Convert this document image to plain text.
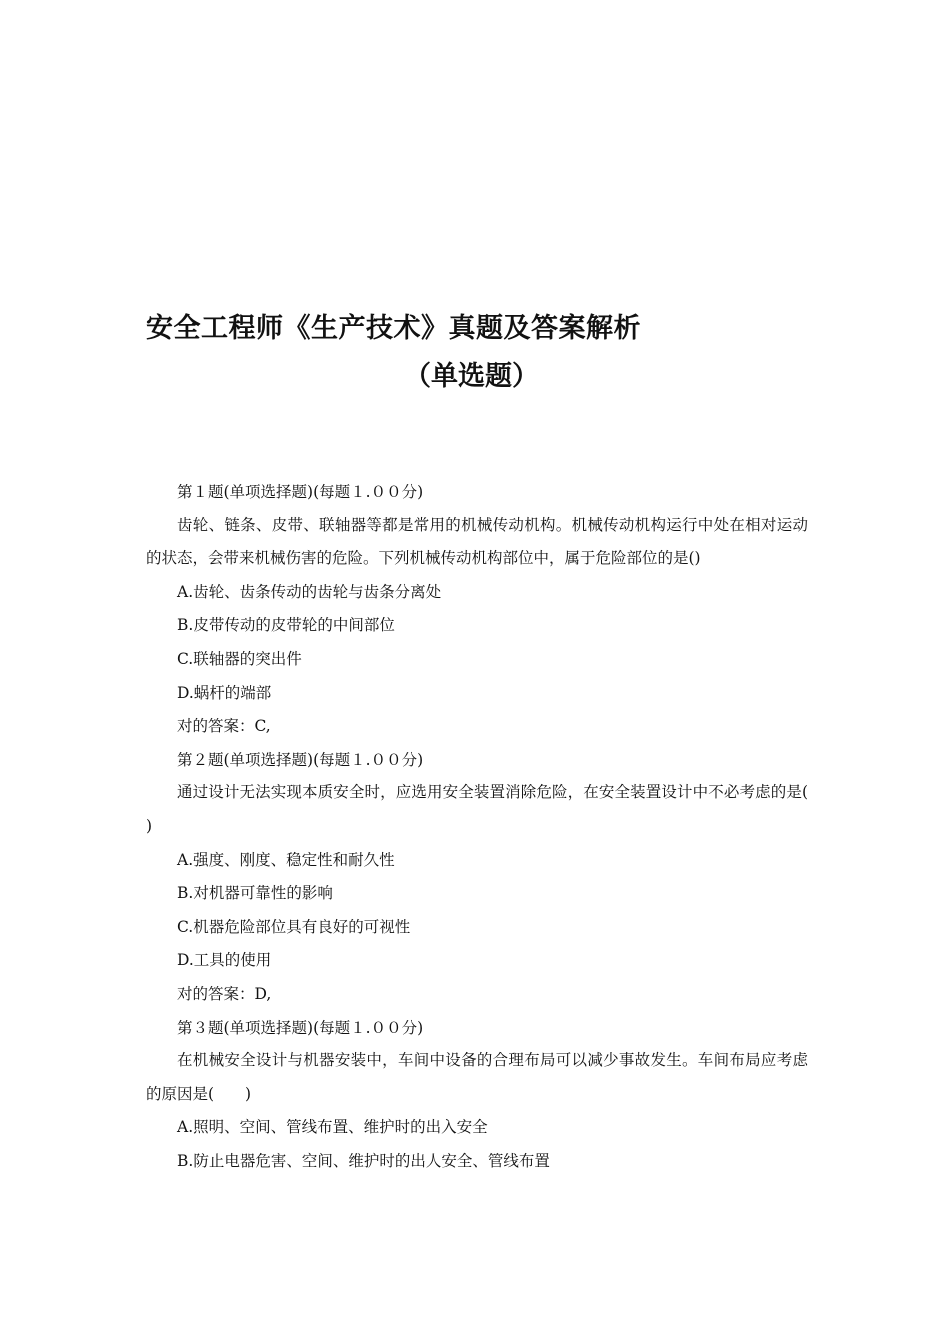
安全工程师《生产技术》真题及答案解析
（单选题）
第１题(单项选择题)(每题１.００分)
齿轮、链条、皮带、联轴器等都是常用的机械传动机构。机械传动机构运行中处在相对运动的状态，会带来机械伤害的危险。下列机械传动机构部位中，属于危险部位的是()
A.齿轮、齿条传动的齿轮与齿条分离处
B.皮带传动的皮带轮的中间部位
C.联轴器的突出件
D.蜗杆的端部
对的答案：C,
第２题(单项选择题)(每题１.００分)
通过设计无法实现本质安全时，应选用安全装置消除危险，在安全装置设计中不必考虑的是(　　)
A.强度、刚度、稳定性和耐久性
B.对机器可靠性的影响
C.机器危险部位具有良好的可视性
D.工具的使用
对的答案：D,
第３题(单项选择题)(每题１.００分)
在机械安全设计与机器安装中，车间中设备的合理布局可以减少事故发生。车间布局应考虑的原因是(　　)
A.照明、空间、管线布置、维护时的出入安全
B.防止电器危害、空间、维护时的出人安全、管线布置
